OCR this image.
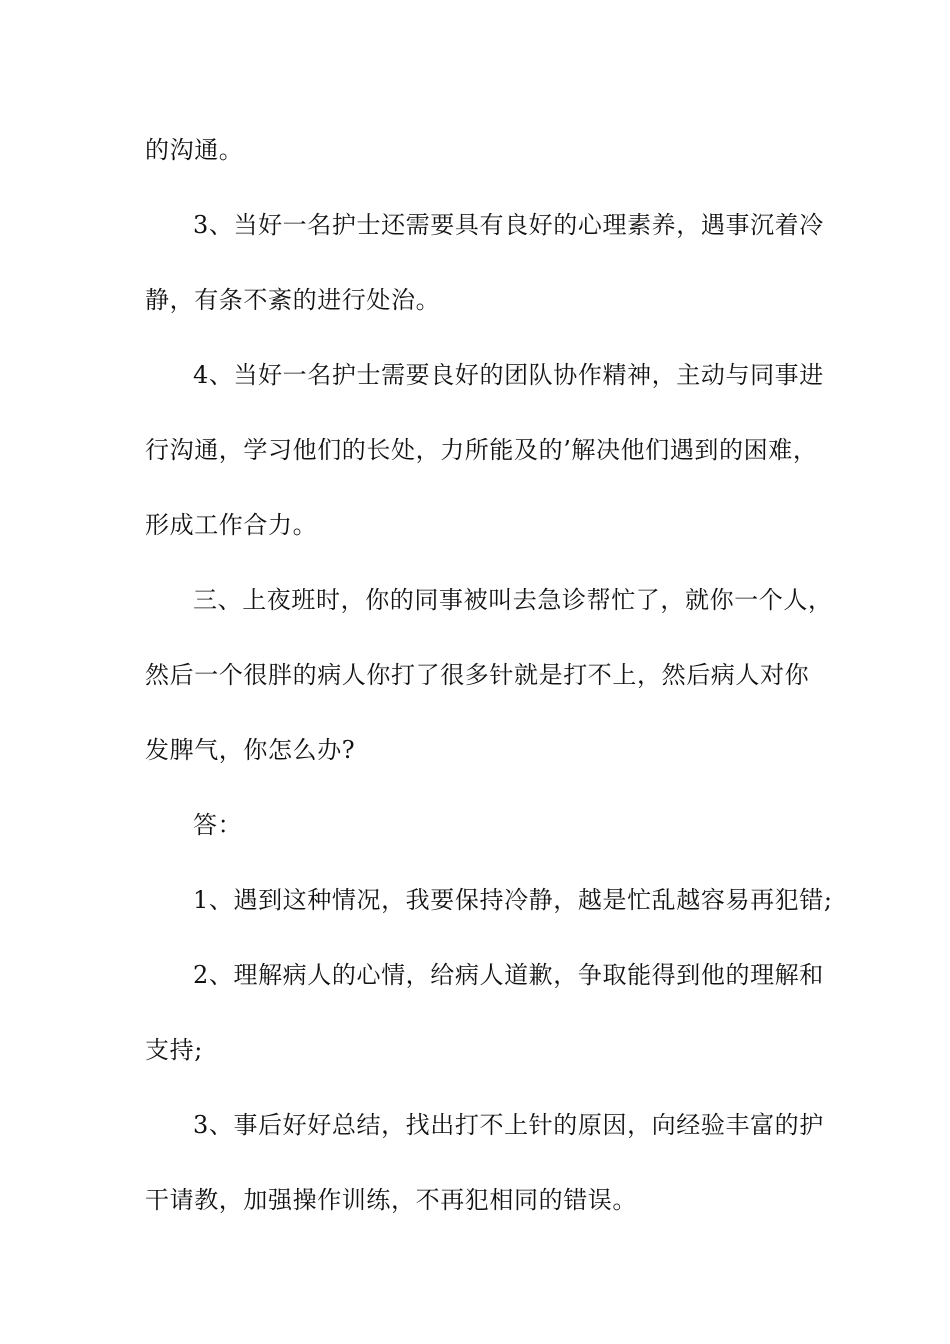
的沟通。
3、当好一名护士还需要具有良好的心理素养，遇事沉着冷
静，有条不紊的进行处治。
4、当好一名护士需要良好的团队协作精神，主动与同事进
行沟通，学习他们的长处，力所能及的’解决他们遇到的困难，
形成工作合力。
三、上夜班时，你的同事被叫去急诊帮忙了，就你一个人，
然后一个很胖的病人你打了很多针就是打不上，然后病人对你
发脾气，你怎么办?
答：
1、遇到这种情况，我要保持冷静，越是忙乱越容易再犯错;
2、理解病人的心情，给病人道歉，争取能得到他的理解和
支持;
3、事后好好总结，找出打不上针的原因，向经验丰富的护
干请教，加强操作训练，不再犯相同的错误。
